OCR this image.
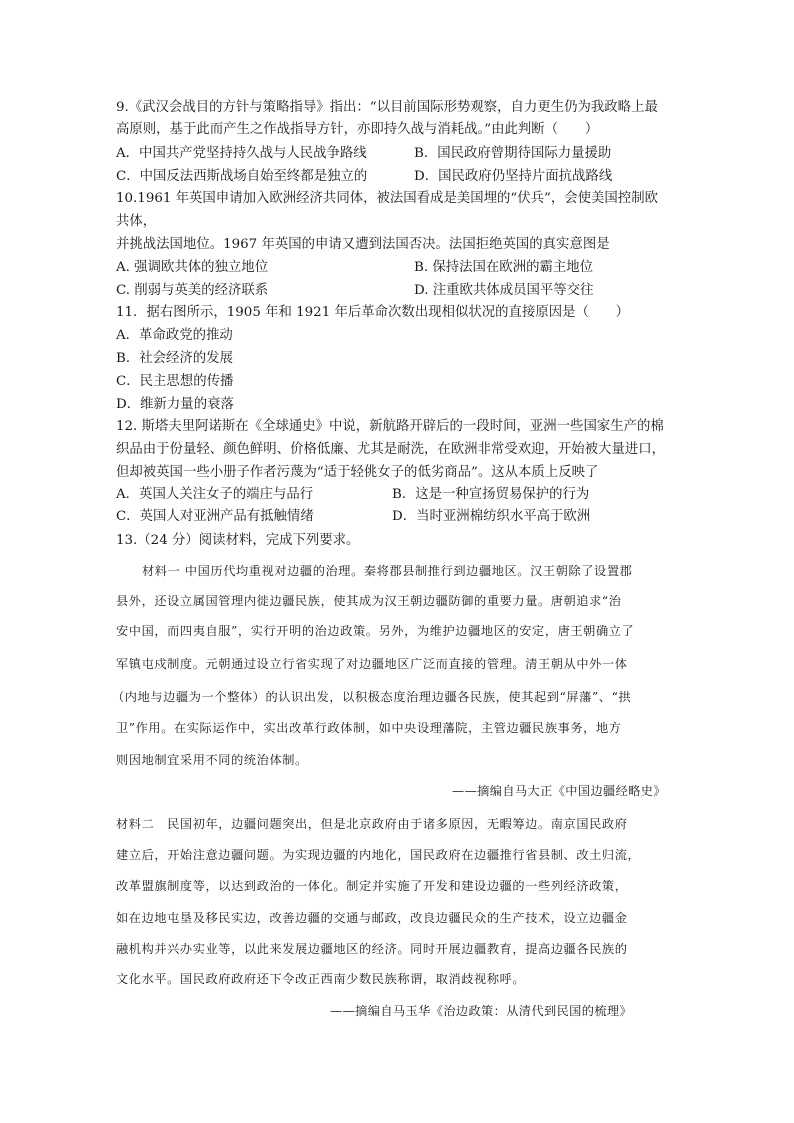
9.《武汉会战目的方针与策略指导》指出：“以目前国际形势观察，自力更生仍为我政略上最
高原则，基于此而产生之作战指导方针，亦即持久战与消耗战。”由此判断（　　）
A．中国共产党坚持持久战与人民战争路线	B．国民政府曾期待国际力量援助
C．中国反法西斯战场自始至终都是独立的	D．国民政府仍坚持片面抗战路线
10.1961 年英国申请加入欧洲经济共同体，被法国看成是美国埋的“伏兵”，会使美国控制欧
共体，
并挑战法国地位。1967 年英国的申请又遭到法国否决。法国拒绝英国的真实意图是
A. 强调欧共体的独立地位	B. 保持法国在欧洲的霸主地位
C. 削弱与英美的经济联系	D. 注重欧共体成员国平等交往
11．据右图所示，1905 年和 1921 年后革命次数出现相似状况的直接原因是（　　）
A．革命政党的推动
B．社会经济的发展
C．民主思想的传播
D．维新力量的衰落
12. 斯塔夫里阿诺斯在《全球通史》中说，新航路开辟后的一段时间，亚洲一些国家生产的棉
织品由于份量轻、颜色鲜明、价格低廉、尤其是耐洗，在欧洲非常受欢迎，开始被大量进口，
但却被英国一些小册子作者污蔑为“适于轻佻女子的低劣商品”。这从本质上反映了
A．英国人关注女子的端庄与品行	B．这是一种宣扬贸易保护的行为
C．英国人对亚洲产品有抵触情绪	D．当时亚洲棉纺织水平高于欧洲
13.（24 分）阅读材料，完成下列要求。
材料一 中国历代均重视对边疆的治理。秦将郡县制推行到边疆地区。汉王朝除了设置郡
县外，还设立属国管理内徙边疆民族，使其成为汉王朝边疆防御的重要力量。唐朝追求“治
安中国，而四夷自服”，实行开明的治边政策。另外，为维护边疆地区的安定，唐王朝确立了
军镇屯戍制度。元朝通过设立行省实现了对边疆地区广泛而直接的管理。清王朝从中外一体
（内地与边疆为一个整体）的认识出发，以积极态度治理边疆各民族，使其起到“屏藩”、“拱
卫”作用。在实际运作中，实出改革行政体制，如中央设理藩院，主管边疆民族事务，地方
则因地制宜采用不同的统治体制。
——摘编自马大正《中国边疆经略史》
材料二　民国初年，边疆问题突出，但是北京政府由于诸多原因，无暇筹边。南京国民政府
建立后，开始注意边疆问题。为实现边疆的内地化，国民政府在边疆推行省县制、改土归流，
改革盟旗制度等，以达到政治的一体化。制定并实施了开发和建设边疆的一些列经济政策，
如在边地屯垦及移民实边，改善边疆的交通与邮政，改良边疆民众的生产技术，设立边疆金
融机构并兴办实业等，以此来发展边疆地区的经济。同时开展边疆教育，提高边疆各民族的
文化水平。国民政府政府还下令改正西南少数民族称谓，取消歧视称呼。
——摘编自马玉华《治边政策：从清代到民国的梳理》
